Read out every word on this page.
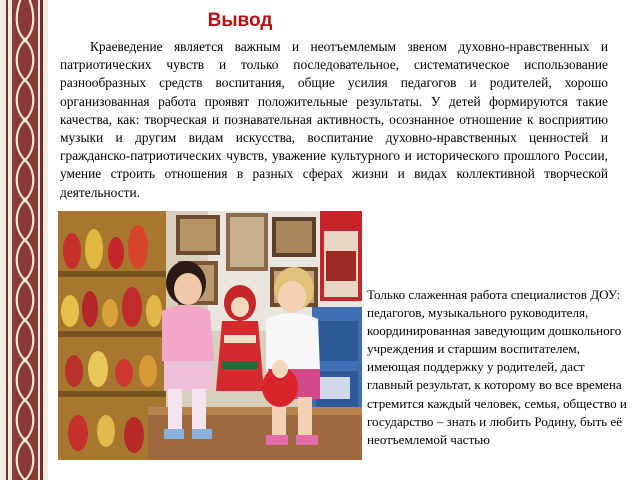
Вывод

Краеведение является важным и неотъемлемым звеном духовно-нравственных и патриотических чувств и только последовательное, систематическое использование разнообразных средств воспитания, общие усилия педагогов и родителей, хорошо организованная работа проявят положительные результаты. У детей формируются такие качества, как: творческая и познавательная активность, осознанное отношение к восприятию музыки и другим видам искусства, воспитание духовно-нравственных ценностей и гражданско-патриотических чувств, уважение культурного и исторического прошлого России, умение строить отношения в разных сферах жизни и видах коллективной творческой деятельности.

Только слаженная работа специалистов ДОУ: педагогов, музыкального руководителя, координированная заведующим дошкольного учреждения и старшим воспитателем, имеющая поддержку у родителей, даст главный результат, к которому во все времена стремится каждый человек, семья, общество и государство – знать и любить Родину, быть её неотъемлемой частью
